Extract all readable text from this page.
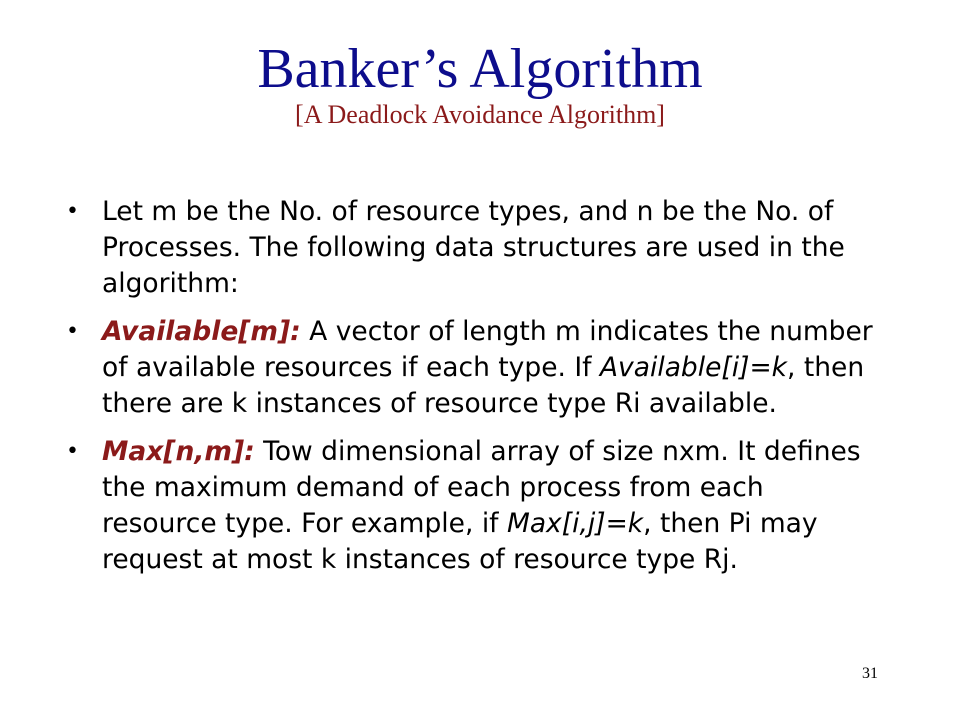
Banker’s Algorithm
[A Deadlock Avoidance Algorithm]
• Let m be the No. of resource types, and n be the No. of Processes. The following data structures are used in the algorithm:
• Available[m]: A vector of length m indicates the number of available resources if each type. If Available[i]=k, then there are k instances of resource type Ri available.
• Max[n,m]: Tow dimensional array of size nxm. It defines the maximum demand of each process from each resource type. For example, if Max[i,j]=k, then Pi may request at most k instances of resource type Rj.
31
